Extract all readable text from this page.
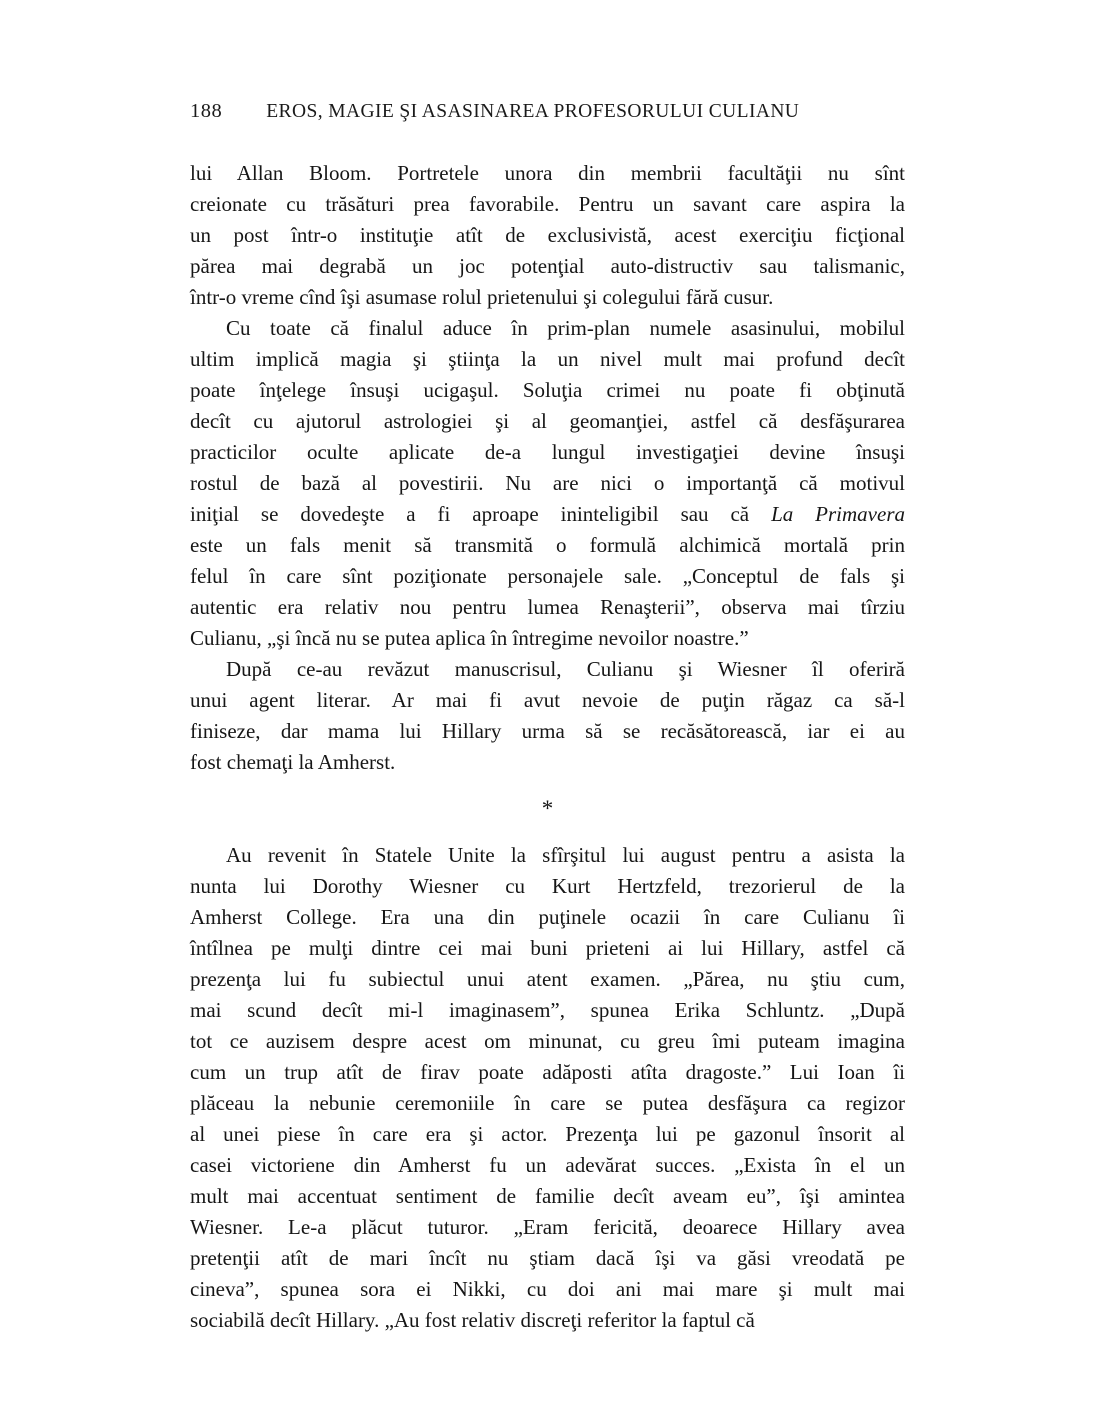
188 EROS, MAGIE ŞI ASASINAREA PROFESORULUI CULIANU
lui Allan Bloom. Portretele unora din membrii facultăţii nu sînt
creionate cu trăsături prea favorabile. Pentru un savant care aspira la
un post într-o instituţie atît de exclusivistă, acest exerciţiu ficţional
părea mai degrabă un joc potenţial auto-distructiv sau talismanic,
într-o vreme cînd îşi asumase rolul prietenului şi colegului fără cusur.
Cu toate că finalul aduce în prim-plan numele asasinului, mobilul
ultim implică magia şi ştiinţa la un nivel mult mai profund decît
poate înţelege însuşi ucigaşul. Soluţia crimei nu poate fi obţinută
decît cu ajutorul astrologiei şi al geomanţiei, astfel că desfăşurarea
practicilor oculte aplicate de-a lungul investigaţiei devine însuşi
rostul de bază al povestirii. Nu are nici o importanţă că motivul
iniţial se dovedeşte a fi aproape ininteligibil sau că La Primavera
este un fals menit să transmită o formulă alchimică mortală prin
felul în care sînt poziţionate personajele sale. „Conceptul de fals şi
autentic era relativ nou pentru lumea Renaşterii”, observa mai tîrziu
Culianu, „şi încă nu se putea aplica în întregime nevoilor noastre.”
După ce-au revăzut manuscrisul, Culianu şi Wiesner îl oferiră
unui agent literar. Ar mai fi avut nevoie de puţin răgaz ca să-l
finiseze, dar mama lui Hillary urma să se recăsătorească, iar ei au
fost chemaţi la Amherst.
*
Au revenit în Statele Unite la sfîrşitul lui august pentru a asista la
nunta lui Dorothy Wiesner cu Kurt Hertzfeld, trezorierul de la
Amherst College. Era una din puţinele ocazii în care Culianu îi
întîlnea pe mulţi dintre cei mai buni prieteni ai lui Hillary, astfel că
prezenţa lui fu subiectul unui atent examen. „Părea, nu ştiu cum,
mai scund decît mi-l imaginasem”, spunea Erika Schluntz. „După
tot ce auzisem despre acest om minunat, cu greu îmi puteam imagina
cum un trup atît de firav poate adăposti atîta dragoste.” Lui Ioan îi
plăceau la nebunie ceremoniile în care se putea desfăşura ca regizor
al unei piese în care era şi actor. Prezenţa lui pe gazonul însorit al
casei victoriene din Amherst fu un adevărat succes. „Exista în el un
mult mai accentuat sentiment de familie decît aveam eu”, îşi amintea
Wiesner. Le-a plăcut tuturor. „Eram fericită, deoarece Hillary avea
pretenţii atît de mari încît nu ştiam dacă îşi va găsi vreodată pe
cineva”, spunea sora ei Nikki, cu doi ani mai mare şi mult mai
sociabilă decît Hillary. „Au fost relativ discreţi referitor la faptul că
